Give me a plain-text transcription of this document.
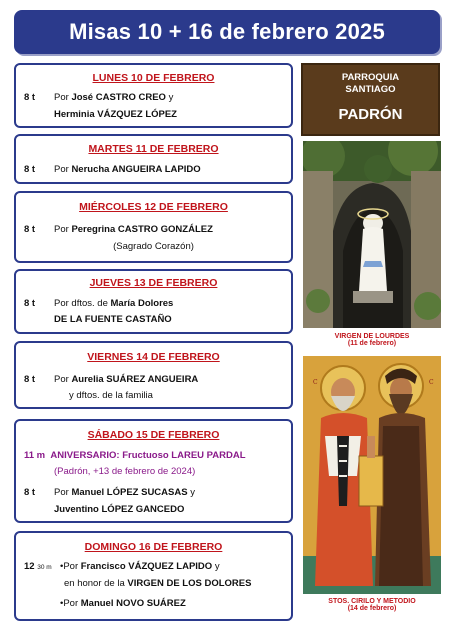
Misas 10 + 16 de febrero 2025
LUNES 10 DE FEBRERO
8 t Por José CASTRO CREO y
Herminia VÁZQUEZ LÓPEZ
MARTES 11 DE FEBRERO
8 t Por Nerucha ANGUEIRA LAPIDO
MIÉRCOLES 12 DE FEBRERO
8 t Por Peregrina CASTRO GONZÁLEZ
(Sagrado Corazón)
JUEVES 13 DE FEBRERO
8 t Por dftos. de María Dolores
DE LA FUENTE CASTAÑO
VIERNES 14 DE FEBRERO
8 t Por Aurelia SUÁREZ ANGUEIRA
y dftos. de la familia
SÁBADO 15 DE FEBRERO
11 m ANIVERSARIO: Fructuoso LAREU PARDAL
(Padrón, +13 de febrero de 2024)
8 t Por Manuel LÓPEZ SUCASAS y
Juventino LÓPEZ GANCEDO
DOMINGO 16 DE FEBRERO
12 30 m •Por Francisco VÁZQUEZ LAPIDO y
en honor de la VIRGEN DE LOS DOLORES
•Por Manuel NOVO SUÁREZ
PARROQUIA
SANTIAGO
PADRÓN
VIRGEN DE LOURDES
(11 de febrero)
С	С
STOS. CIRILO Y METODIO
(14 de febrero)
